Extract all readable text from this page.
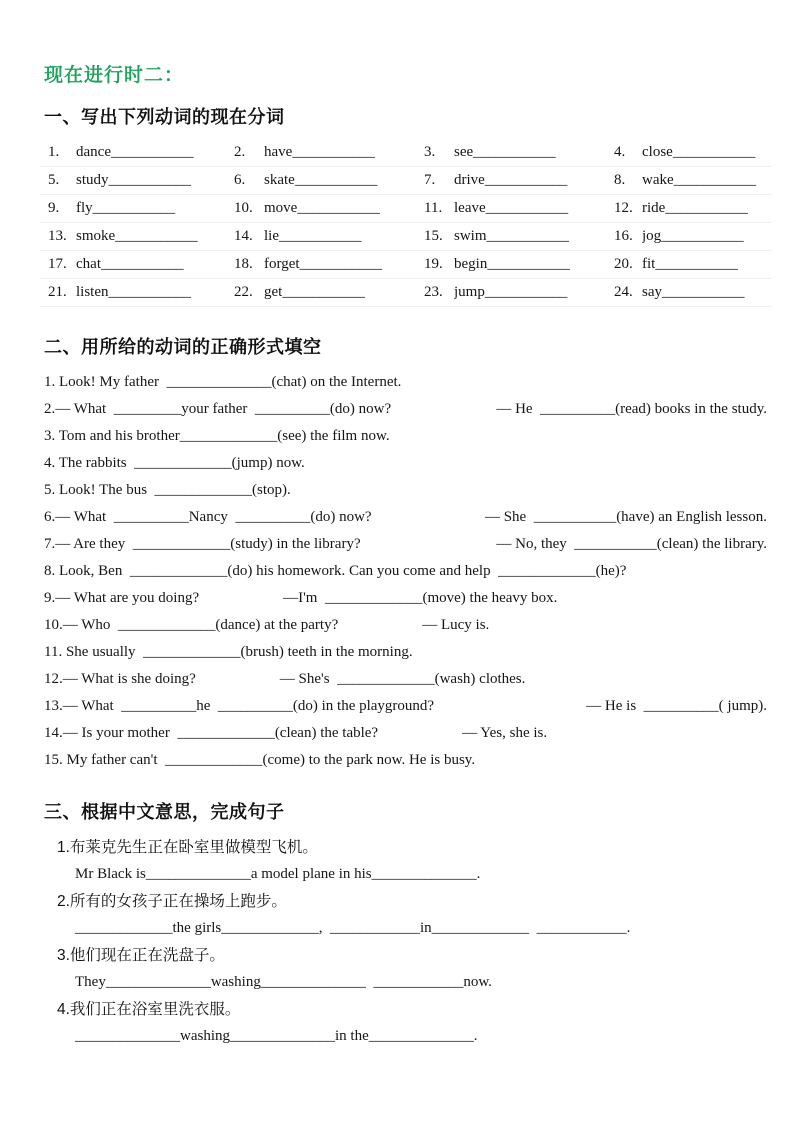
现在进行时二：
一、写出下列动词的现在分词
1.	dance___________	2.	have___________	3.	see___________	4.	close___________
5.	study___________	6.	skate___________	7.	drive___________	8.	wake___________
9.	fly___________	10. move___________	11. leave___________	12. ride___________
13. smoke___________	14. lie___________	15. swim___________	16. jog___________
17. chat___________	18. forget___________	19. begin___________	20. fit___________
21. listen___________	22. get___________	23. jump___________	24. say___________
二、用所给的动词的正确形式填空
1. Look! My father  ______________(chat) on the Internet.
2.— What  _________your father  __________(do) now?	— He  __________(read) books in the study.
3. Tom and his brother_____________(see) the film now.
4. The rabbits  _____________(jump) now.
5. Look! The bus  _____________(stop).
6.— What  __________Nancy  __________(do) now?	— She  ___________(have) an English lesson.
7.— Are they  _____________(study) in the library?	— No, they  ___________(clean) the library.
8. Look, Ben  _____________(do) his homework. Can you come and help  _____________(he)?
9.— What are you doing?	—I'm  _____________(move) the heavy box.
10.— Who  _____________(dance) at the party?	— Lucy is.
11. She usually  _____________(brush) teeth in the morning.
12.— What is she doing?	— She's  _____________(wash) clothes.
13.— What  __________he  __________(do) in the playground?	— He is  __________( jump).
14.— Is your mother  _____________(clean) the table?	— Yes, she is.
15. My father can't  _____________(come) to the park now. He is busy.
三、根据中文意思，完成句子
1.布莱克先生正在卧室里做模型飞机。
Mr Black is______________a model plane in his______________.
2.所有的女孩子正在操场上跑步。
_____________the girls_____________,  ____________in_____________  ____________.
3.他们现在正在洗盘子。
They______________washing______________  ____________now.
4.我们正在浴室里洗衣服。
______________washing______________in the______________.
